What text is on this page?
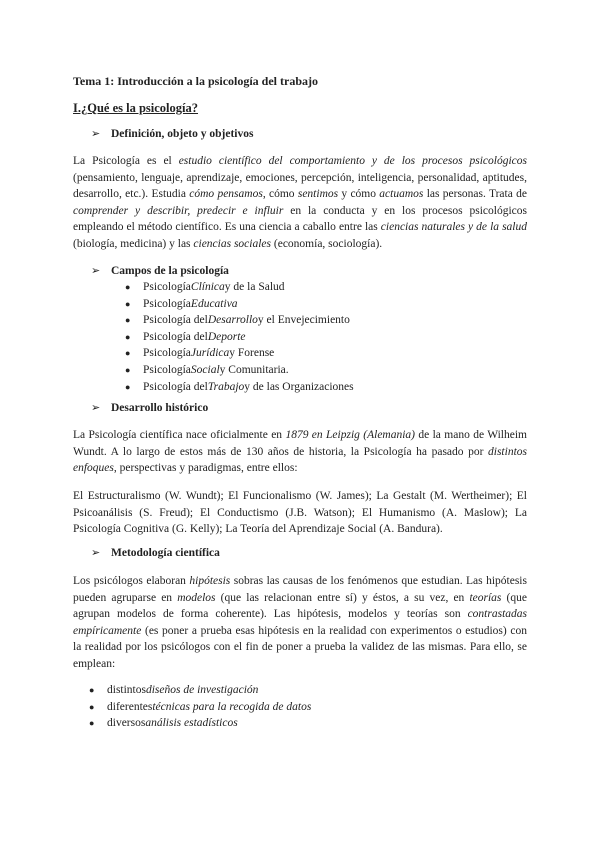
Tema 1: Introducción a la psicología del trabajo
I.¿Qué es la psicología?
➢ Definición, objeto y objetivos

La Psicología es el estudio científico del comportamiento y de los procesos psicológicos (pensamiento, lenguaje, aprendizaje, emociones, percepción, inteligencia, personalidad, aptitudes, desarrollo, etc.). Estudia cómo pensamos, cómo sentimos y cómo actuamos las personas. Trata de comprender y describir, predecir e influir en la conducta y en los procesos psicológicos empleando el método científico. Es una ciencia a caballo entre las ciencias naturales y de la salud (biología, medicina) y las ciencias sociales (economía, sociología).

➢ Campos de la psicología
●	Psicología Clínica y de la Salud
●	Psicología Educativa
●	Psicología del Desarrollo y el Envejecimiento
●	Psicología del Deporte
●	Psicología Jurídica y Forense
●	Psicología Social y Comunitaria.
●	Psicología del Trabajo y de las Organizaciones
➢ Desarrollo histórico

La Psicología científica nace oficialmente en 1879 en Leipzig (Alemania) de la mano de Wilheim Wundt. A lo largo de estos más de 130 años de historia, la Psicología ha pasado por distintos enfoques, perspectivas y paradigmas, entre ellos:

El Estructuralismo (W. Wundt); El Funcionalismo (W. James); La Gestalt (M. Wertheimer); El Psicoanálisis (S. Freud); El Conductismo (J.B. Watson); El Humanismo (A. Maslow); La Psicología Cognitiva (G. Kelly); La Teoría del Aprendizaje Social (A. Bandura).

➢ Metodología científica

Los psicólogos elaboran hipótesis sobras las causas de los fenómenos que estudian. Las hipótesis pueden agruparse en modelos (que las relacionan entre sí) y éstos, a su vez, en teorías (que agrupan modelos de forma coherente). Las hipótesis, modelos y teorías son contrastadas empíricamente (es poner a prueba esas hipótesis en la realidad con experimentos o estudios) con la realidad por los psicólogos con el fin de poner a prueba la validez de las mismas. Para ello, se emplean:

●	distintos diseños de investigación
●	diferentes técnicas para la recogida de datos
●	diversos análisis estadísticos
